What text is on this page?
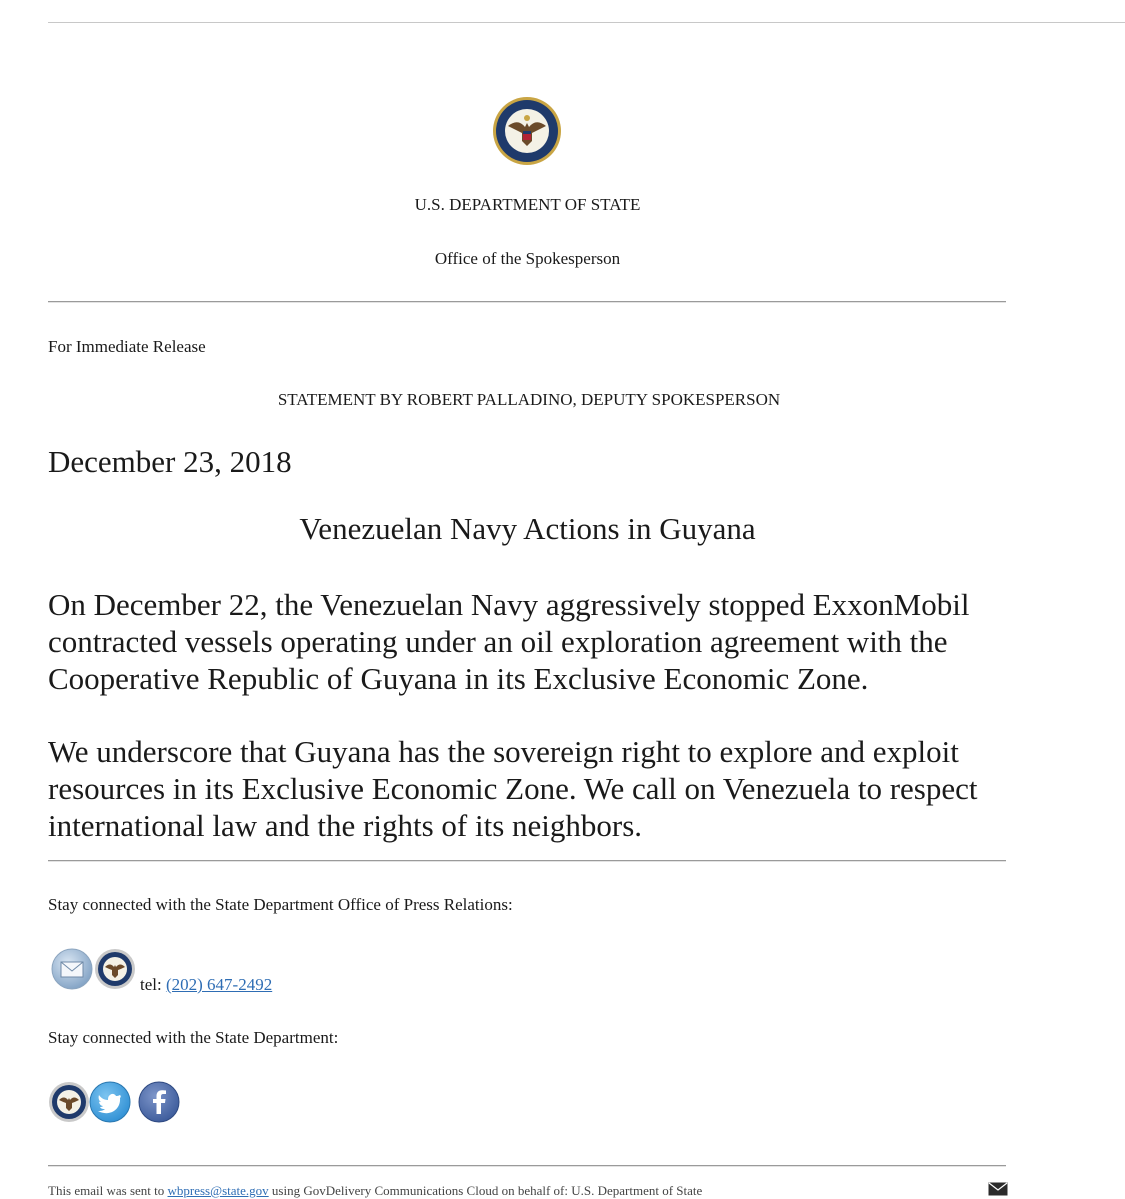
U.S. DEPARTMENT OF STATE
Office of the Spokesperson
For Immediate Release
STATEMENT BY ROBERT PALLADINO, DEPUTY SPOKESPERSON
December 23, 2018
Venezuelan Navy Actions in Guyana

On December 22, the Venezuelan Navy aggressively stopped ExxonMobil contracted vessels operating under an oil exploration agreement with the Cooperative Republic of Guyana in its Exclusive Economic Zone.

We underscore that Guyana has the sovereign right to explore and exploit resources in its Exclusive Economic Zone. We call on Venezuela to respect international law and the rights of its neighbors.

Stay connected with the State Department Office of Press Relations:
tel: (202) 647-2492
Stay connected with the State Department:
This email was sent to wbpress@state.gov using GovDelivery Communications Cloud on behalf of: U.S. Department of State
